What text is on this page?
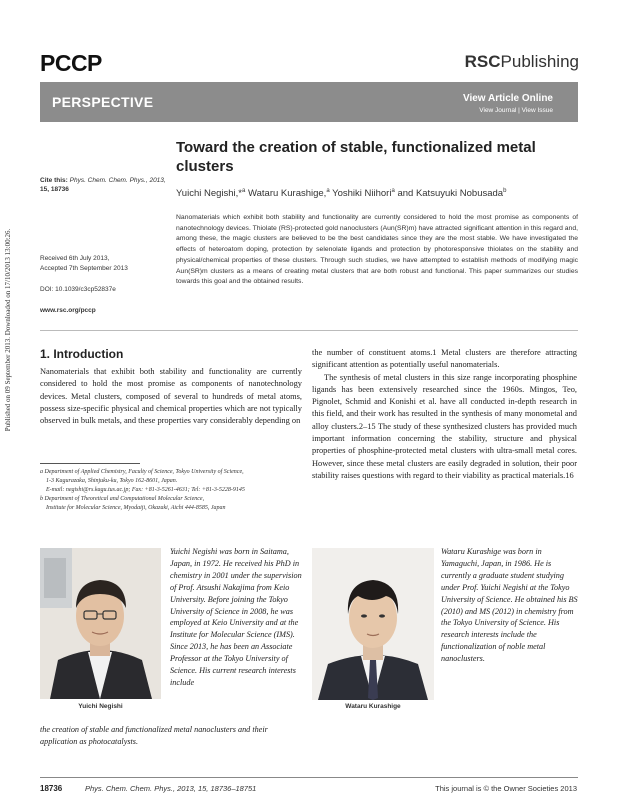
PCCP	RSCPublishing
PERSPECTIVE	View Article Online
View Journal | View Issue
Published on 09 September 2013. Downloaded on 17/10/2013 13:00:26.
Toward the creation of stable, functionalized metal clusters
Cite this: Phys. Chem. Chem. Phys., 2013,
15, 18736	Yuichi Negishi,*$^a$ Wataru Kurashige,$^a$ Yoshiki Niihori$^a$ and Katsuyuki Nobusada$^b$
Nanomaterials which exhibit both stability and functionality are currently considered to hold the most promise as components of nanotechnology devices. Thiolate (RS)-protected gold nanoclusters (Aun(SR)m) have attracted significant attention in this regard and, among these, the magic clusters are believed to be the best candidates since they are the most stable. We have investigated the effects of heteroatom doping, protection by selenolate ligands and protection by photoresponsive thiolates on the stability and physical/chemical properties of these clusters. Through such studies, we have attempted to establish methods of modifying magic Aun(SR)m clusters as a means of creating metal clusters that are both robust and functional. This paper summarizes our studies towards this goal and the obtained results.
Received 6th July 2013,
Accepted 7th September 2013
DOI: 10.1039/c3cp52837e
www.rsc.org/pccp
1. Introduction
Nanomaterials that exhibit both stability and functionality are currently considered to hold the most promise as components of nanotechnology devices. Metal clusters, composed of several to hundreds of metal atoms, possess size-specific physical and chemical properties which are not typically observed in bulk metals, and these properties vary considerably depending on

the number of constituent atoms.1 Metal clusters are therefore attracting significant attention as potentially useful nanomaterials.

The synthesis of metal clusters in this size range incorporating phosphine ligands has been extensively researched since the 1960s. Mingos, Teo, Pignolet, Schmid and Konishi et al. have all conducted in-depth research in this field, and their work has resulted in the synthesis of many monometal and alloy clusters.2–15 The study of these synthesized clusters has provided much important information concerning the stability, structure and physical properties of phosphine-protected metal clusters with ultra-small metal cores. However, since these metal clusters are easily degraded in solution, their poor stability raises questions with regard to their viability as practical materials.16

a Department of Applied Chemistry, Faculty of Science, Tokyo University of Science,
1-3 Kagurazaka, Shinjuku-ku, Tokyo 162-8601, Japan.
E-mail: negishi@rs.kagu.tus.ac.jp; Fax: +81-3-5261-4631; Tel: +81-3-5228-9145
b Department of Theoretical and Computational Molecular Science,
Institute for Molecular Science, Myodaiji, Okazaki, Aichi 444-8585, Japan
Yuichi Negishi
Yuichi Negishi was born in Saitama, Japan, in 1972. He received his PhD in chemistry in 2001 under the supervision of Prof. Atsushi Nakajima from Keio University. Before joining the Tokyo University of Science in 2008, he was employed at Keio University and at the Institute for Molecular Science (IMS). Since 2013, he has been an Associate Professor at the Tokyo University of Science. His current research interests include
the creation of stable and functionalized metal nanoclusters and their application as photocatalysts.
Wataru Kurashige
Wataru Kurashige was born in Yamaguchi, Japan, in 1986. He is currently a graduate student studying under Prof. Yuichi Negishi at the Tokyo University of Science. He obtained his BS (2010) and MS (2012) in chemistry from the Tokyo University of Science. His research interests include the functionalization of noble metal nanoclusters.
18736	Phys. Chem. Chem. Phys., 2013, 15, 18736–18751	This journal is © the Owner Societies 2013
